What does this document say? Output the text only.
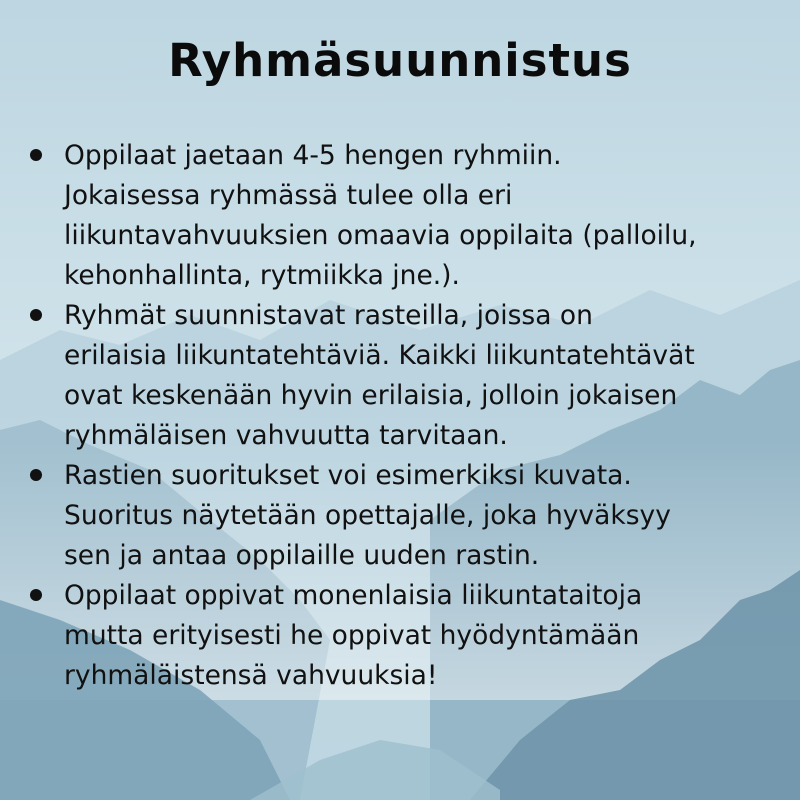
Ryhmäsuunnistus
Oppilaat jaetaan 4-5 hengen ryhmiin.
Jokaisessa ryhmässä tulee olla eri
liikuntavahvuuksien omaavia oppilaita (palloilu,
kehonhallinta, rytmiikka jne.).
Ryhmät suunnistavat rasteilla, joissa on
erilaisia liikuntatehtäviä. Kaikki liikuntatehtävät
ovat keskenään hyvin erilaisia, jolloin jokaisen
ryhmäläisen vahvuutta tarvitaan.
Rastien suoritukset voi esimerkiksi kuvata.
Suoritus näytetään opettajalle, joka hyväksyy
sen ja antaa oppilaille uuden rastin.
Oppilaat oppivat monenlaisia liikuntataitoja
mutta erityisesti he oppivat hyödyntämään
ryhmäläistensä vahvuuksia!
